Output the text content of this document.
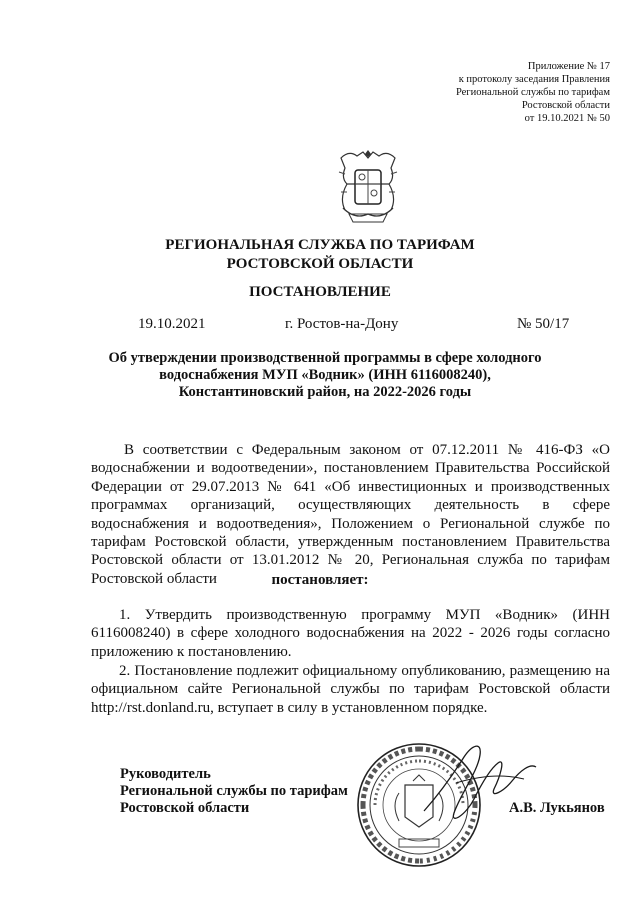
Приложение № 17
к протоколу заседания Правления
Региональной службы по тарифам
Ростовской области
от 19.10.2021 № 50
РЕГИОНАЛЬНАЯ СЛУЖБА ПО ТАРИФАМ
РОСТОВСКОЙ ОБЛАСТИ
ПОСТАНОВЛЕНИЕ
19.10.2021	г. Ростов-на-Дону	№ 50/17
Об утверждении производственной программы в сфере холодного
водоснабжения МУП «Водник» (ИНН 6116008240),
Константиновский район, на 2022-2026 годы
В соответствии с Федеральным законом от 07.12.2011 № 416-ФЗ «О водоснабжении и водоотведении», постановлением Правительства Российской Федерации от 29.07.2013 № 641 «Об инвестиционных и производственных программах организаций, осуществляющих деятельность в сфере водоснабжения и водоотведения», Положением о Региональной службе по тарифам Ростовской области, утвержденным постановлением Правительства Ростовской области от 13.01.2012 № 20, Региональная служба по тарифам Ростовской области	постановляет:
1. Утвердить производственную программу МУП «Водник» (ИНН 6116008240) в сфере холодного водоснабжения на 2022 - 2026 годы согласно приложению к постановлению.
2. Постановление подлежит официальному опубликованию, размещению на официальном сайте Региональной службы по тарифам Ростовской области http://rst.donland.ru, вступает в силу в установленном порядке.
Руководитель
Региональной службы по тарифам
Ростовской области	А.В. Лукьянов
